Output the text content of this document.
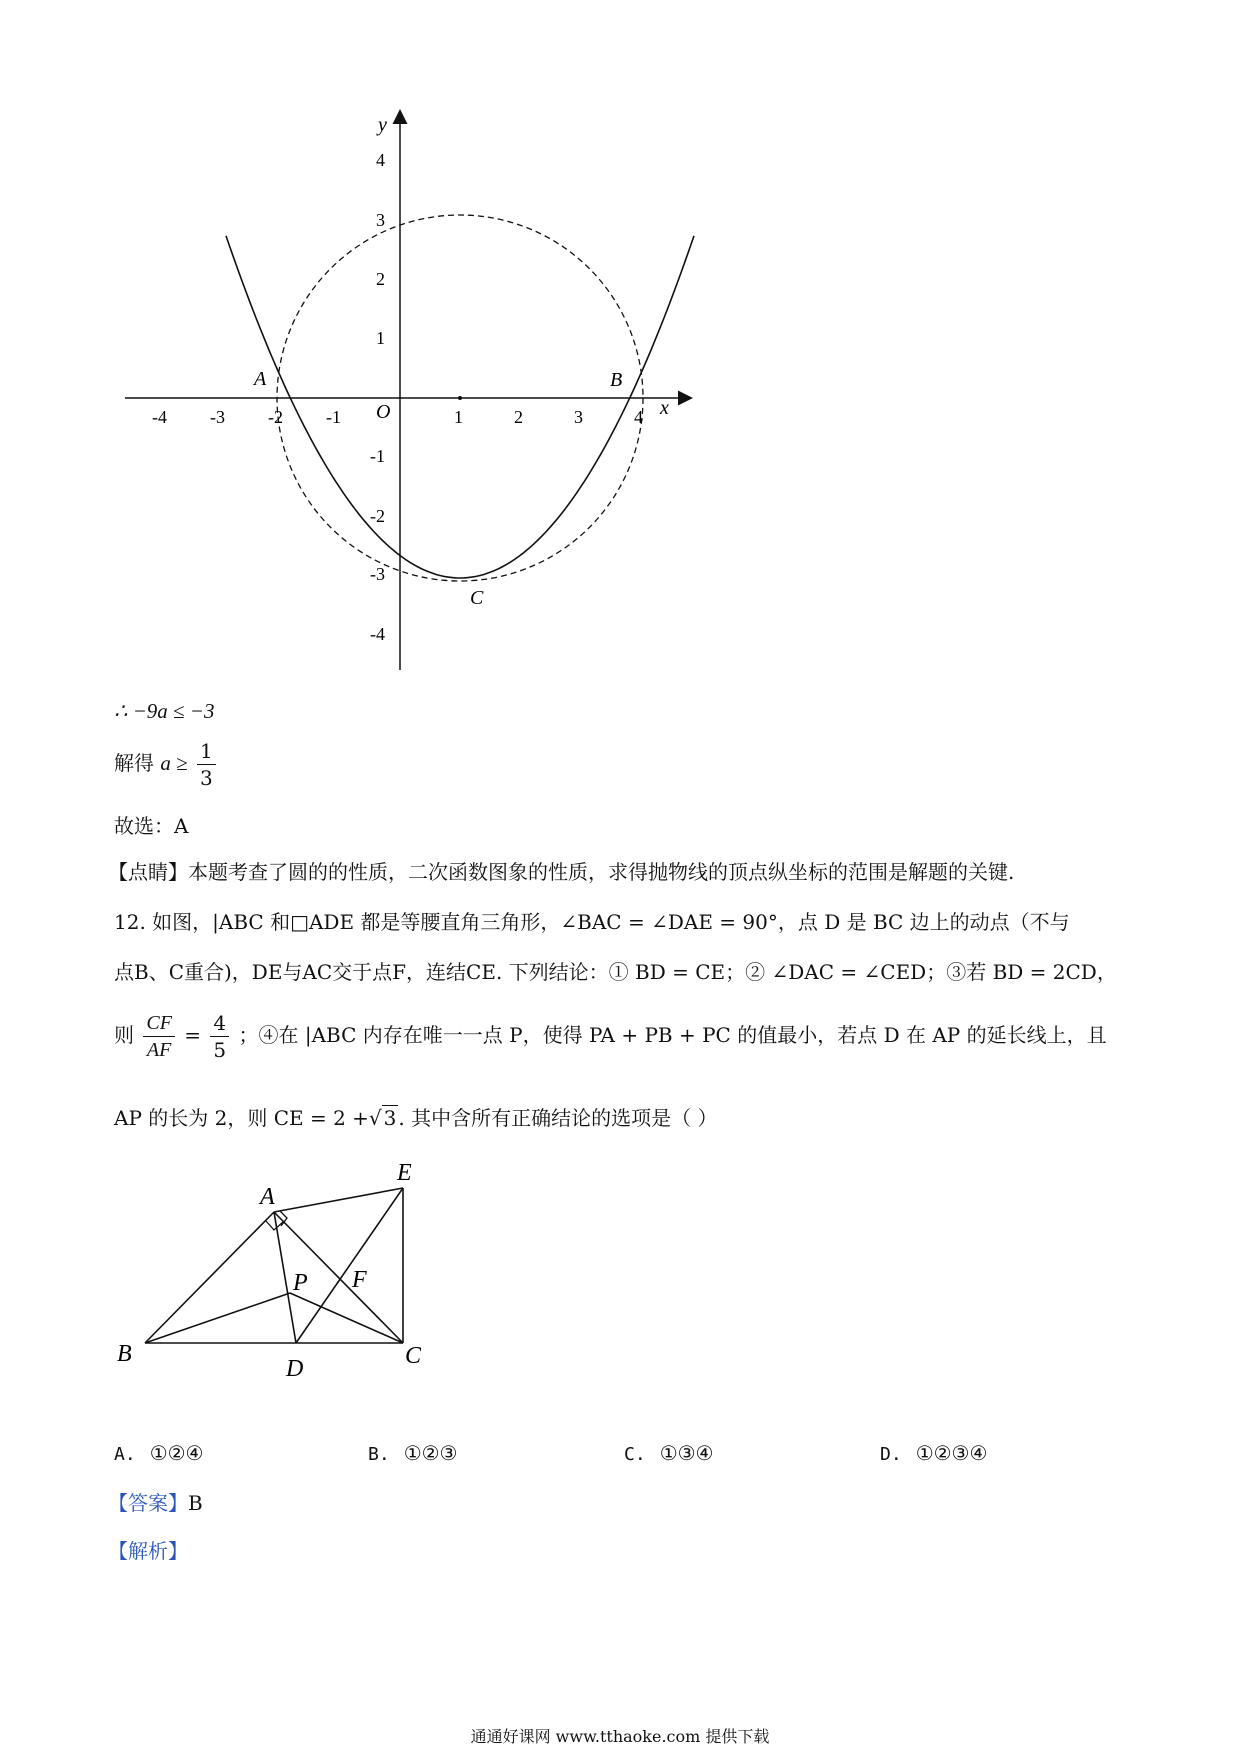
x
y
-4 -3 -2 -1	1	2	3	4
4
3
2
1
-1
-2
-3
-4
O
A	B
C
∴ −9a ≤ −3
解得 $a \ge \frac{1}{3}$
故选：A
【点睛】本题考查了圆的的性质，二次函数图象的性质，求得抛物线的顶点纵坐标的范围是解题的关键.
12. 如图，|ABC 和□ADE 都是等腰直角三角形，∠BAC = ∠DAE = 90°，点 D 是 BC 边上的动点（不与
点B、C重合)，DE与AC交于点F，连结CE. 下列结论：① BD = CE；② ∠DAC = ∠CED；③若 BD = 2CD，
则 $\frac{CF}{AF} = \frac{4}{5}$ ；④在 |ABC 内存在唯一一点 P，使得 PA + PB + PC 的值最小，若点 D 在 AP 的延长线上，且
AP 的长为 2，则 CE = 2 +√ 3 . 其中含所有正确结论的选项是（ ）
A
E
P F
B
D	C
A. ①②④	B. ①②③	C. ①③④	D. ①②③④
【答案】B
【解析】
通通好课网 www.tthaoke.com 提供下载
